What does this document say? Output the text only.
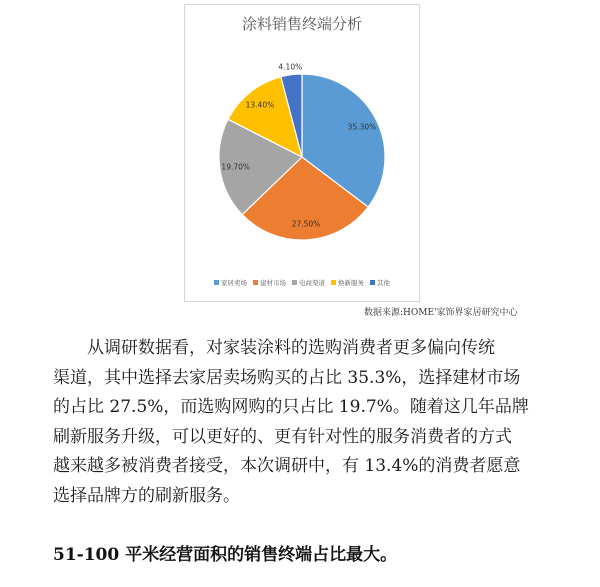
涂料销售终端分析
35.30%
27.50%
19.70%
13.40%
4.10%
家居卖场 建材市场 电商渠道 焕新服务 其他
数据来源:HOME'家饰界家居研究中心
从调研数据看，对家装涂料的选购消费者更多偏向传统
渠道，其中选择去家居卖场购买的占比 35.3%，选择建材市场
的占比 27.5%，而选购网购的只占比 19.7%。随着这几年品牌
刷新服务升级，可以更好的、更有针对性的服务消费者的方式
越来越多被消费者接受，本次调研中，有 13.4%的消费者愿意
选择品牌方的刷新服务。
51-100 平米经营面积的销售终端占比最大。
